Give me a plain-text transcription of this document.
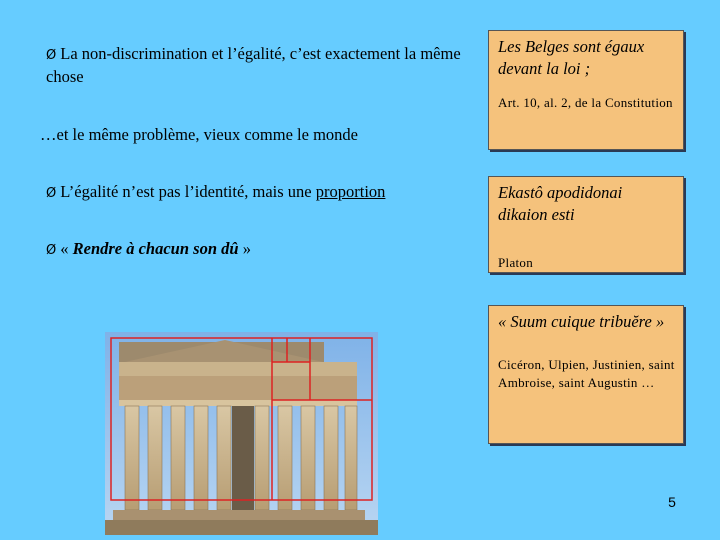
Ø La non-discrimination et l’égalité, c’est exactement la même chose
…et le même problème, vieux comme le monde
Ø L’égalité n’est pas l’identité, mais une proportion
Ø « Rendre à chacun son dû »
Les Belges sont égaux devant la loi ;
Art. 10, al. 2, de la Constitution
Ekastô apodidonai dikaion esti
Platon
« Suum cuique tribuĕre »
Cicéron, Ulpien, Justinien, saint Ambroise, saint Augustin …
5
